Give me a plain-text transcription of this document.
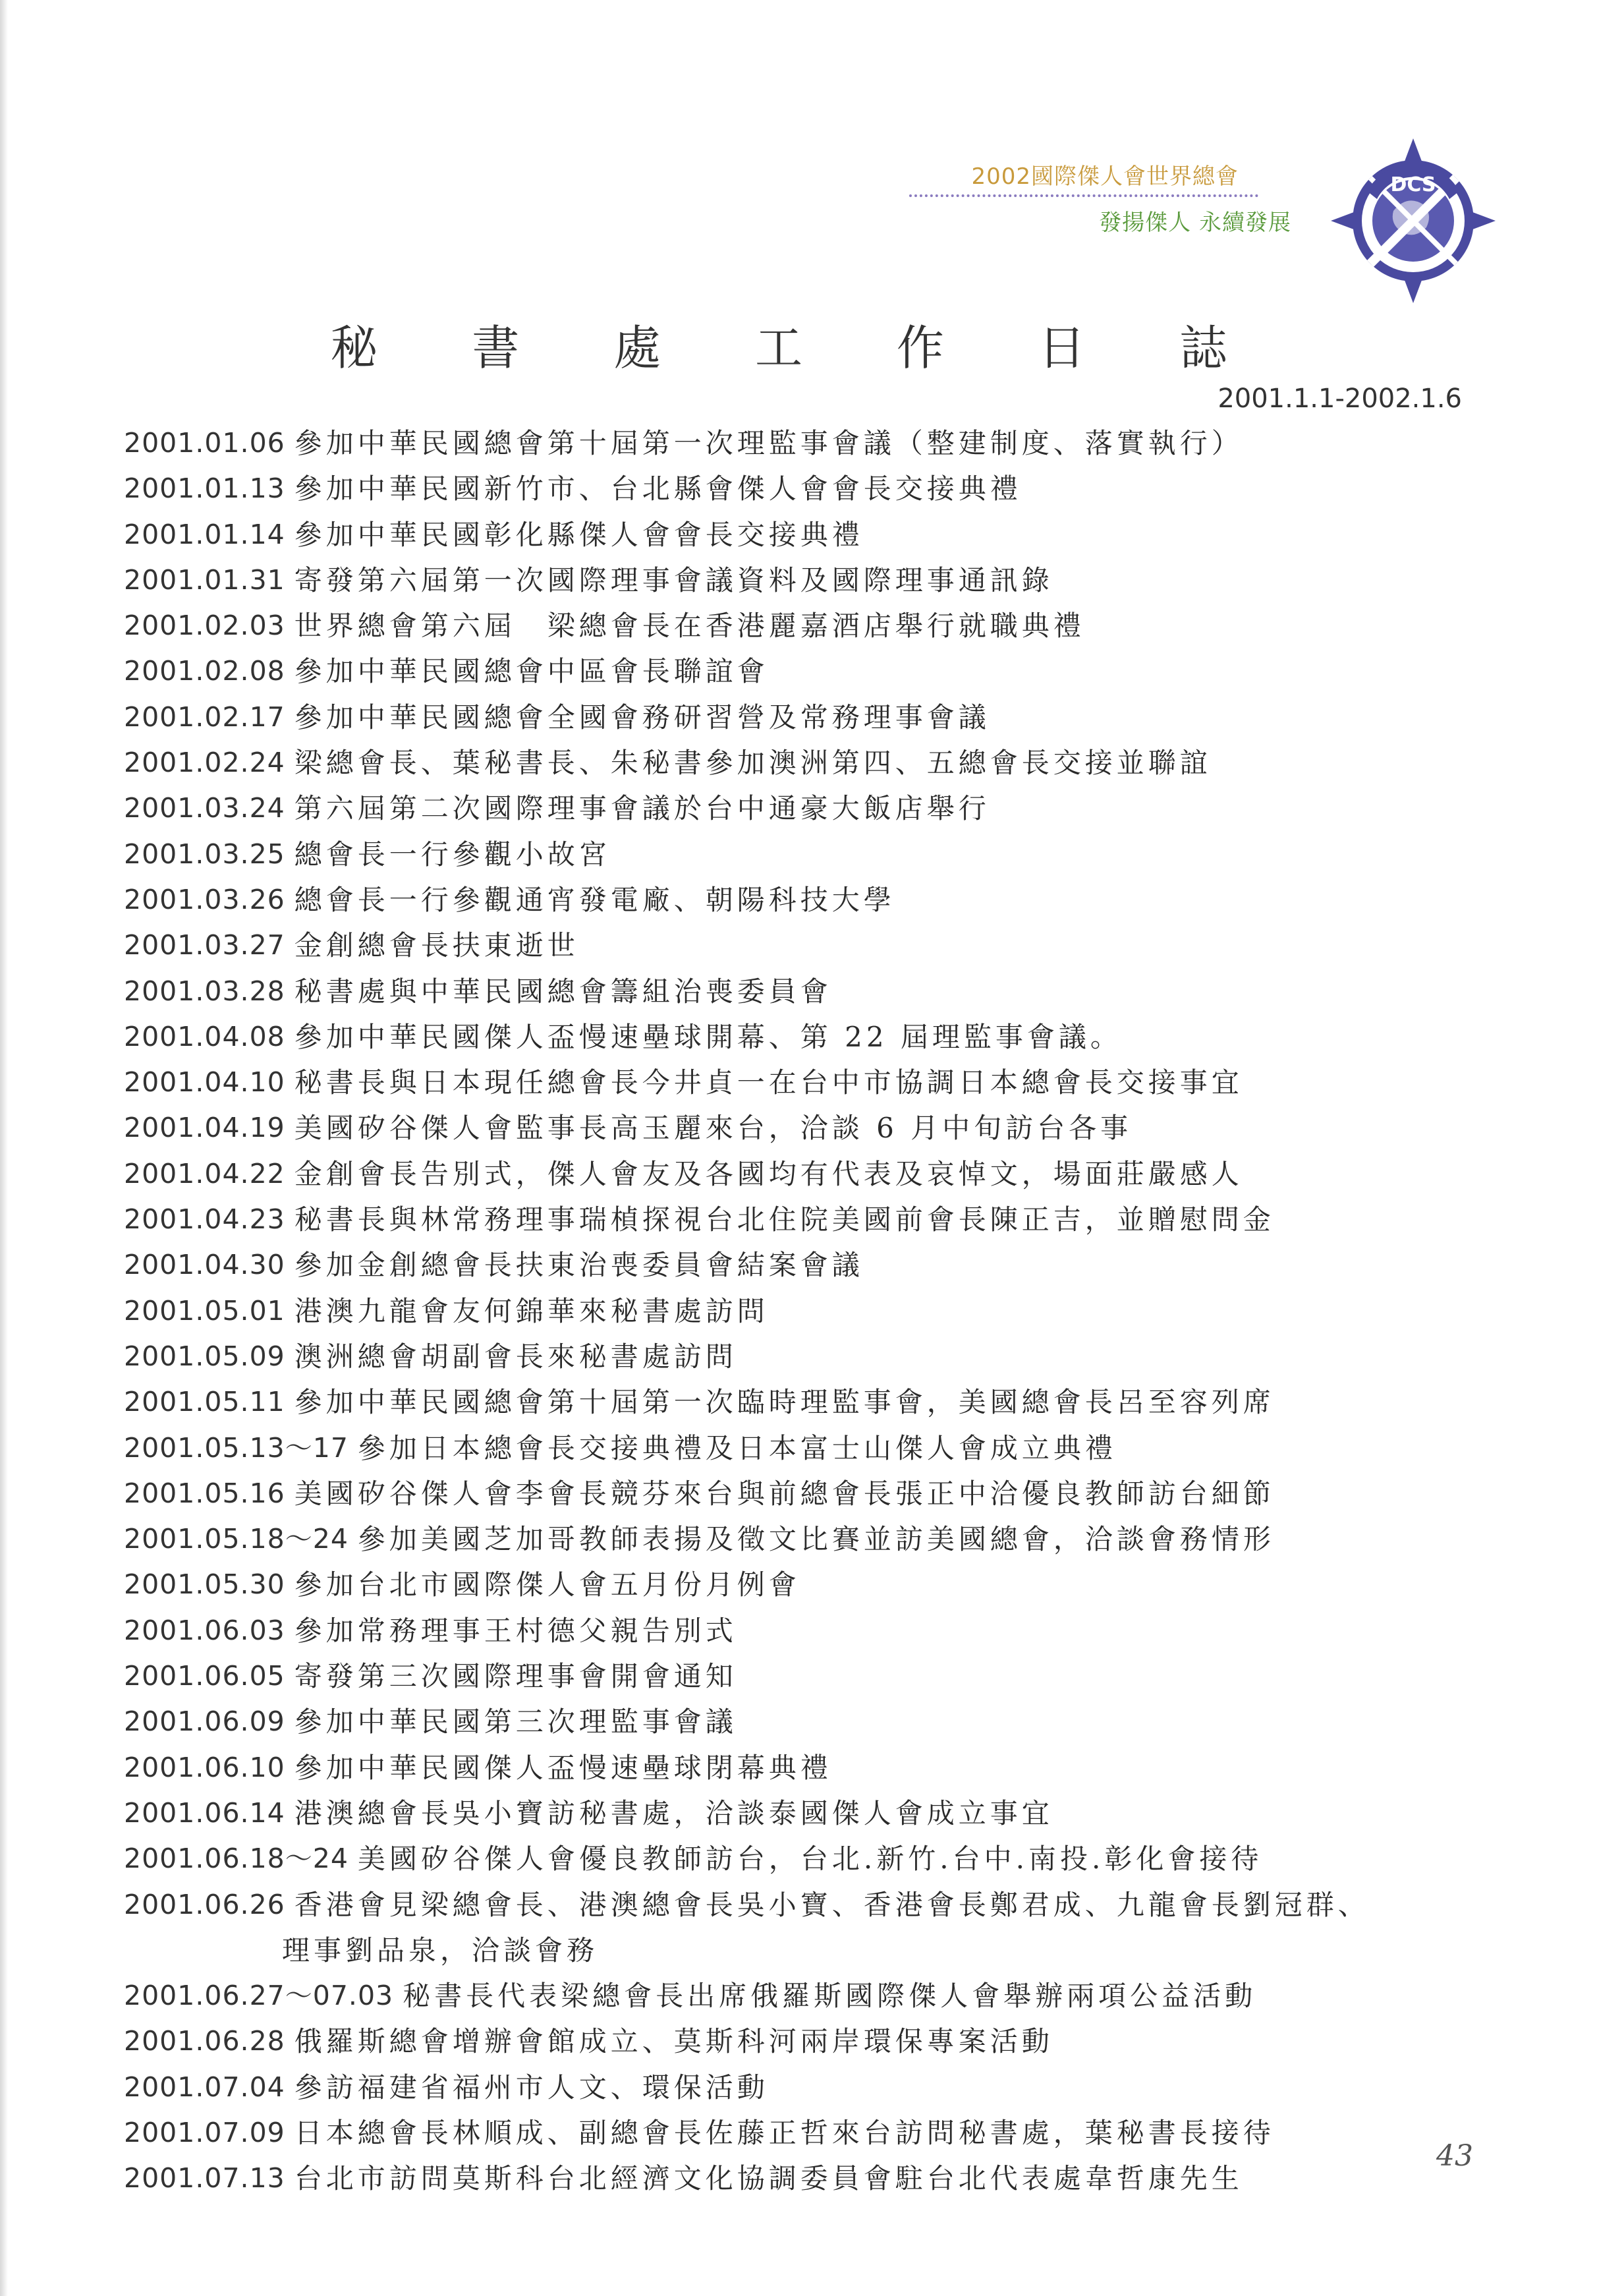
2002國際傑人會世界總會
發揚傑人 永續發展
DCS
秘 書 處 工 作 日 誌
2001.1.1-2002.1.6
2001.01.06 參加中華民國總會第十屆第一次理監事會議（整建制度、落實執行）
2001.01.13 參加中華民國新竹市、台北縣會傑人會會長交接典禮
2001.01.14 參加中華民國彰化縣傑人會會長交接典禮
2001.01.31 寄發第六屆第一次國際理事會議資料及國際理事通訊錄
2001.02.03 世界總會第六屆　梁總會長在香港麗嘉酒店舉行就職典禮
2001.02.08 參加中華民國總會中區會長聯誼會
2001.02.17 參加中華民國總會全國會務研習營及常務理事會議
2001.02.24 梁總會長、葉秘書長、朱秘書參加澳洲第四、五總會長交接並聯誼
2001.03.24 第六屆第二次國際理事會議於台中通豪大飯店舉行
2001.03.25 總會長一行參觀小故宮
2001.03.26 總會長一行參觀通宵發電廠、朝陽科技大學
2001.03.27 金創總會長扶東逝世
2001.03.28 秘書處與中華民國總會籌組治喪委員會
2001.04.08 參加中華民國傑人盃慢速壘球開幕、第 22 屆理監事會議。
2001.04.10 秘書長與日本現任總會長今井貞一在台中市協調日本總會長交接事宜
2001.04.19 美國矽谷傑人會監事長高玉麗來台，洽談 6 月中旬訪台各事
2001.04.22 金創會長告別式，傑人會友及各國均有代表及哀悼文，場面莊嚴感人
2001.04.23 秘書長與林常務理事瑞楨探視台北住院美國前會長陳正吉，並贈慰問金
2001.04.30 參加金創總會長扶東治喪委員會結案會議
2001.05.01 港澳九龍會友何錦華來秘書處訪問
2001.05.09 澳洲總會胡副會長來秘書處訪問
2001.05.11 參加中華民國總會第十屆第一次臨時理監事會，美國總會長呂至容列席
2001.05.13～17 參加日本總會長交接典禮及日本富士山傑人會成立典禮
2001.05.16 美國矽谷傑人會李會長競芬來台與前總會長張正中洽優良教師訪台細節
2001.05.18～24 參加美國芝加哥教師表揚及徵文比賽並訪美國總會，洽談會務情形
2001.05.30 參加台北市國際傑人會五月份月例會
2001.06.03 參加常務理事王村德父親告別式
2001.06.05 寄發第三次國際理事會開會通知
2001.06.09 參加中華民國第三次理監事會議
2001.06.10 參加中華民國傑人盃慢速壘球閉幕典禮
2001.06.14 港澳總會長吳小寶訪秘書處，洽談泰國傑人會成立事宜
2001.06.18～24 美國矽谷傑人會優良教師訪台，台北.新竹.台中.南投.彰化會接待
2001.06.26 香港會見梁總會長、港澳總會長吳小寶、香港會長鄭君成、九龍會長劉冠群、
理事劉品泉，洽談會務
2001.06.27～07.03 秘書長代表梁總會長出席俄羅斯國際傑人會舉辦兩項公益活動
2001.06.28 俄羅斯總會增辦會館成立、莫斯科河兩岸環保專案活動
2001.07.04 參訪福建省福州市人文、環保活動
2001.07.09 日本總會長林順成、副總會長佐藤正哲來台訪問秘書處，葉秘書長接待
2001.07.13 台北市訪問莫斯科台北經濟文化協調委員會駐台北代表處韋哲康先生
43
